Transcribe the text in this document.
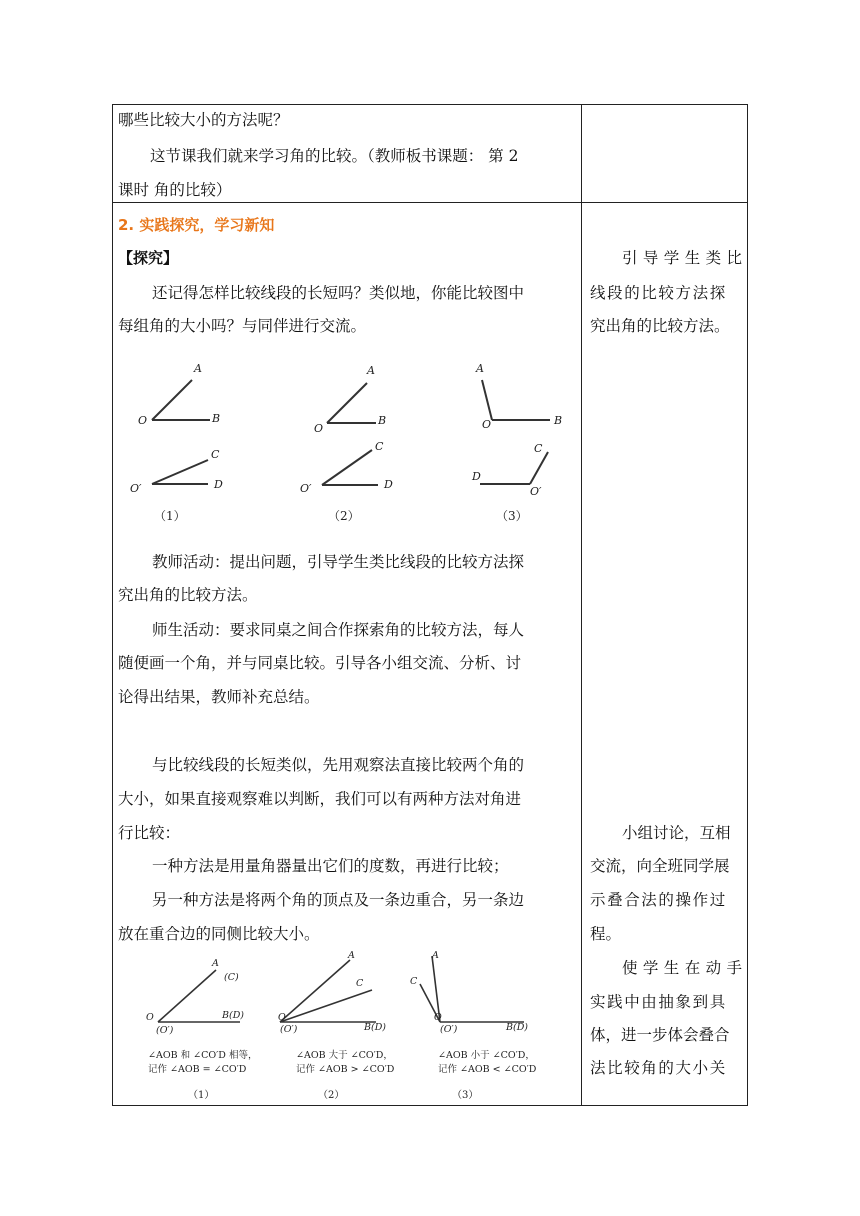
哪些比较大小的方法呢？
这节课我们就来学习角的比较。（教师板书课题： 第 2
课时 角的比较）
2. 实践探究，学习新知
【探究】
还记得怎样比较线段的长短吗？类似地，你能比较图中
每组角的大小吗？与同伴进行交流。
A
O	B
C
O′	D
A
O
B
C
O′	D
A
O	B
C
D
O′
（1）	（2）	（3）
教师活动：提出问题，引导学生类比线段的比较方法探
究出角的比较方法。
师生活动：要求同桌之间合作探索角的比较方法，每人
随便画一个角，并与同桌比较。引导各小组交流、分析、讨
论得出结果，教师补充总结。
与比较线段的长短类似，先用观察法直接比较两个角的
大小，如果直接观察难以判断，我们可以有两种方法对角进
行比较：
一种方法是用量角器量出它们的度数，再进行比较；
另一种方法是将两个角的顶点及一条边重合，另一条边
放在重合边的同侧比较大小。
A
(C)
O
(O′)
B(D)
A
C
O
(O′)	B(D)
A
C
O
(O′)	B(D)
∠AOB 和 ∠CO′D 相等，
记作 ∠AOB = ∠CO′D
∠AOB 大于 ∠CO′D，
记作 ∠AOB > ∠CO′D
∠AOB 小于 ∠CO′D，
记作 ∠AOB < ∠CO′D
（1）	（2）	（3）
引导学生类比
线段的比较方法探
究出角的比较方法。
小组讨论，互相
交流，向全班同学展
示叠合法的操作过
程。
使学生在动手
实践中由抽象到具
体，进一步体会叠合
法比较角的大小关
